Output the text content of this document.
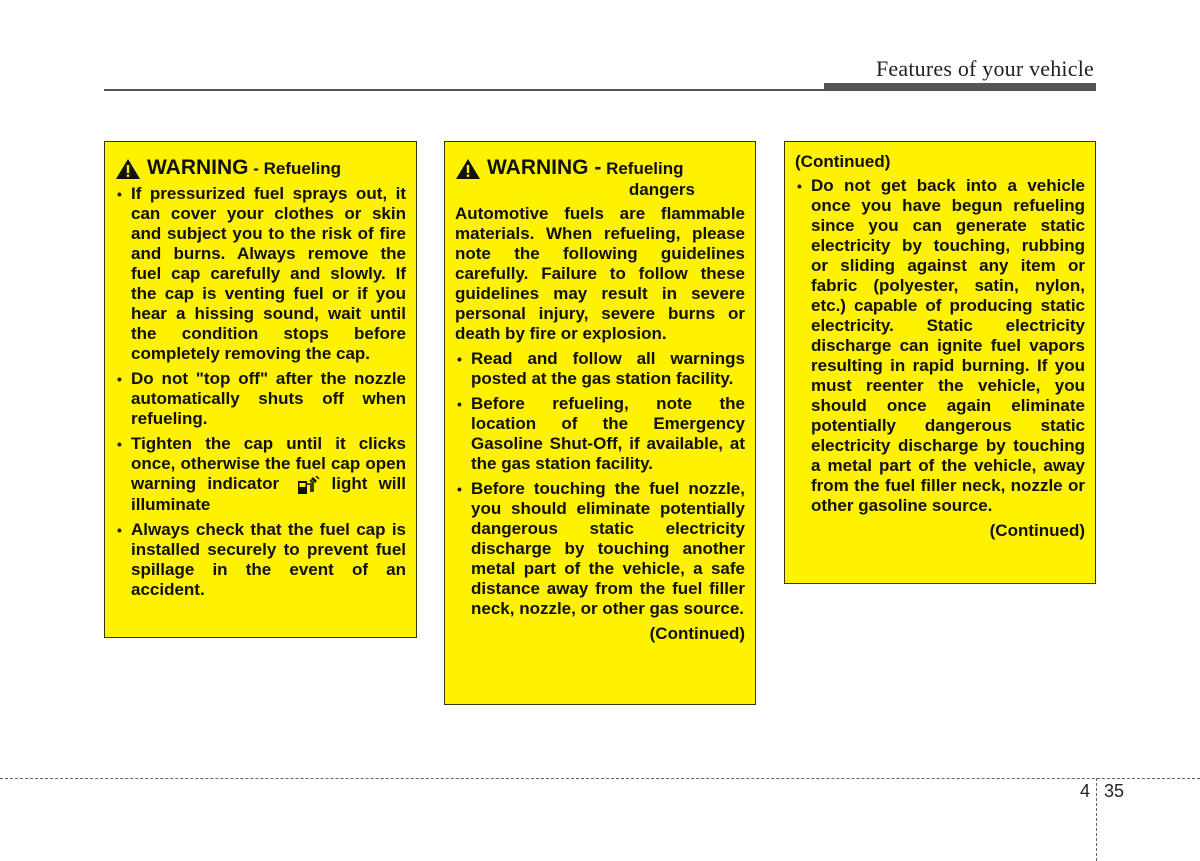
Features of your vehicle
WARNING - Refueling
• If pressurized fuel sprays out, it can cover your clothes or skin and subject you to the risk of fire and burns. Always remove the fuel cap carefully and slowly. If the cap is venting fuel or if you hear a hissing sound, wait until the condition stops before completely removing the cap.
• Do not "top off" after the nozzle automatically shuts off when refueling.
• Tighten the cap until it clicks once, otherwise the fuel cap open warning indicator	light will illuminate
• Always check that the fuel cap is installed securely to prevent fuel spillage in the event of an accident.
WARNING - Refueling
dangers

Automotive fuels are flammable materials. When refueling, please note the following guidelines carefully. Failure to follow these guidelines may result in severe personal injury, severe burns or death by fire or explosion.

• Read and follow all warnings posted at the gas station facility.
• Before refueling, note the location of the Emergency Gasoline Shut-Off, if available, at the gas station facility.
• Before touching the fuel nozzle, you should eliminate potentially dangerous static electricity discharge by touching another metal part of the vehicle, a safe distance away from the fuel filler neck, nozzle, or other gas source.
(Continued)
(Continued)
• Do not get back into a vehicle once you have begun refueling since you can generate static electricity by touching, rubbing or sliding against any item or fabric (polyester, satin, nylon, etc.) capable of producing static electricity. Static electricity discharge can ignite fuel vapors resulting in rapid burning. If you must reenter the vehicle, you should once again eliminate potentially dangerous static electricity discharge by touching a metal part of the vehicle, away from the fuel filler neck, nozzle or other gasoline source.
(Continued)
4 35
